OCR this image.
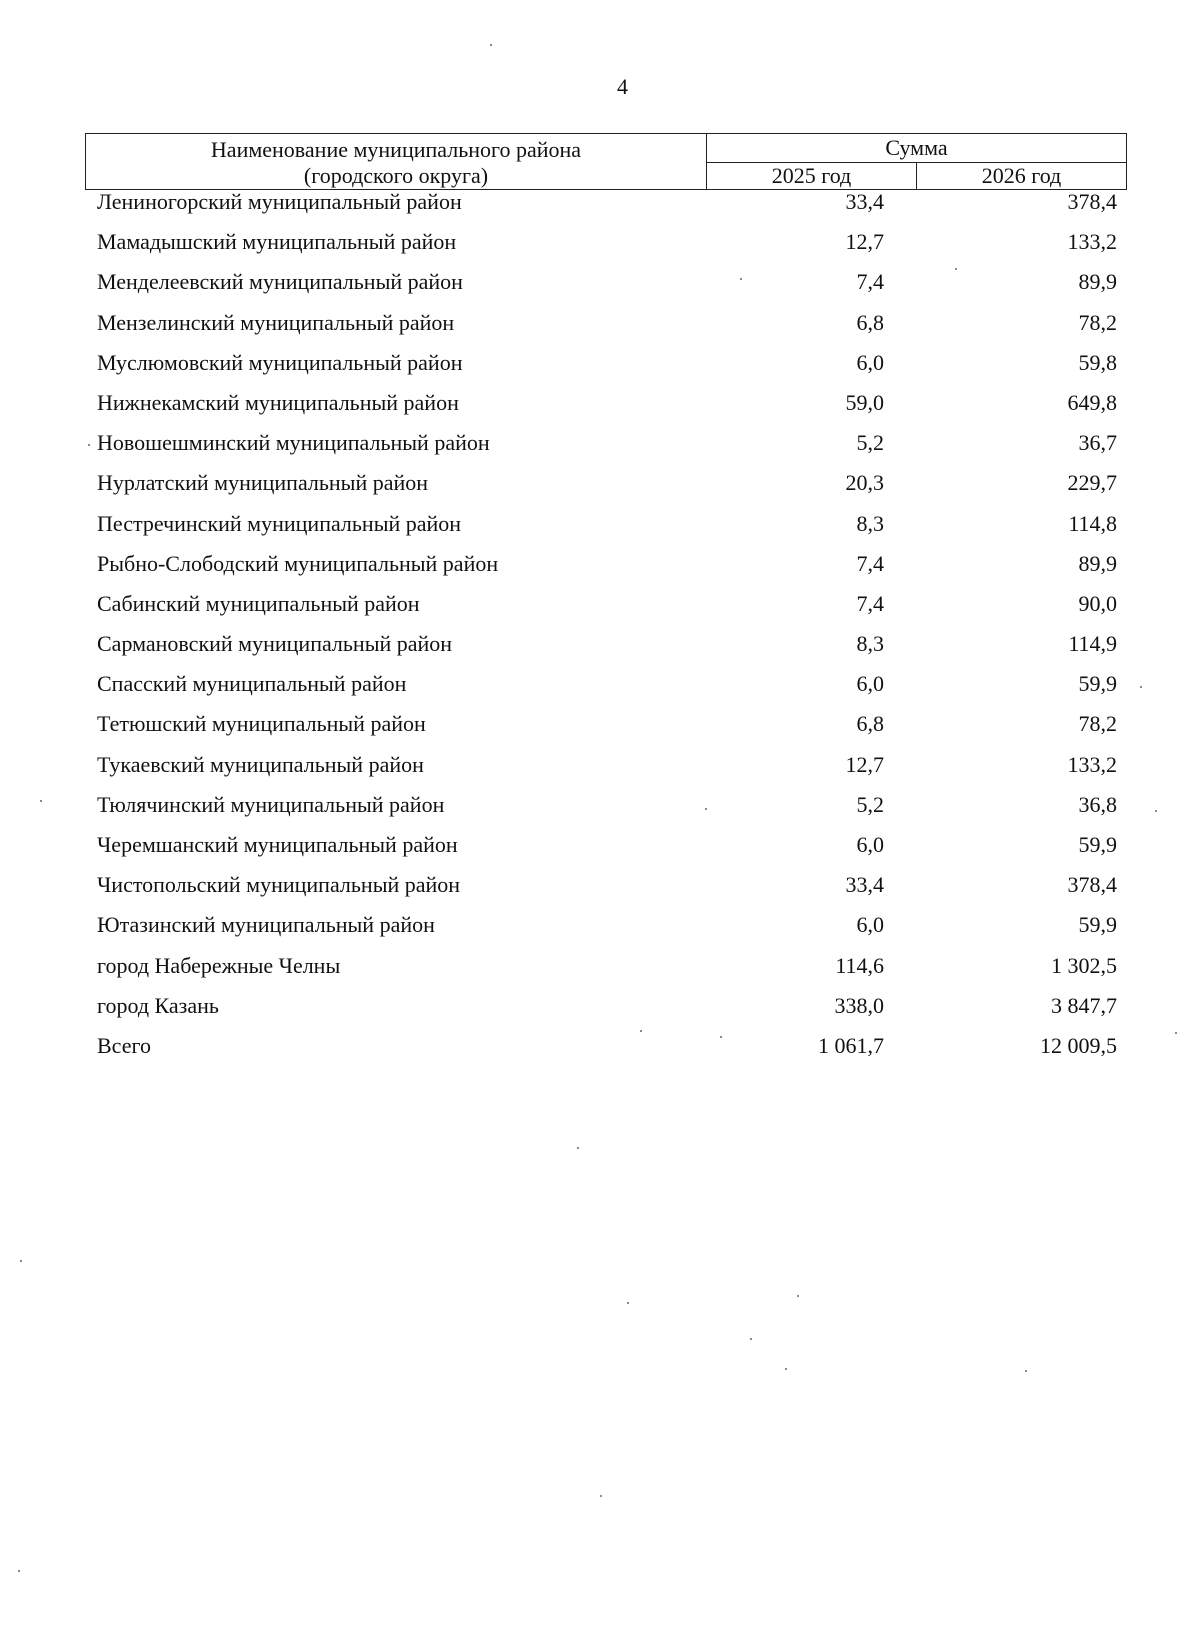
4
Наименование муниципального района
(городского округа)	Сумма	
	2025 год	2026 год
Лениногорский муниципальный район	33,4	378,4
Мамадышский муниципальный район	12,7	133,2
Менделеевский муниципальный район	7,4	89,9
Мензелинский муниципальный район	6,8	78,2
Муслюмовский муниципальный район	6,0	59,8
Нижнекамский муниципальный район	59,0	649,8
Новошешминский муниципальный район	5,2	36,7
Нурлатский муниципальный район	20,3	229,7
Пестречинский муниципальный район	8,3	114,8
Рыбно-Слободский муниципальный район	7,4	89,9
Сабинский муниципальный район	7,4	90,0
Сармановский муниципальный район	8,3	114,9
Спасский муниципальный район	6,0	59,9
Тетюшский муниципальный район	6,8	78,2
Тукаевский муниципальный район	12,7	133,2
Тюлячинский муниципальный район	5,2	36,8
Черемшанский муниципальный район	6,0	59,9
Чистопольский муниципальный район	33,4	378,4
Ютазинский муниципальный район	6,0	59,9
город Набережные Челны	114,6	1 302,5
город Казань	338,0	3 847,7
Всего	1 061,7	12 009,5
